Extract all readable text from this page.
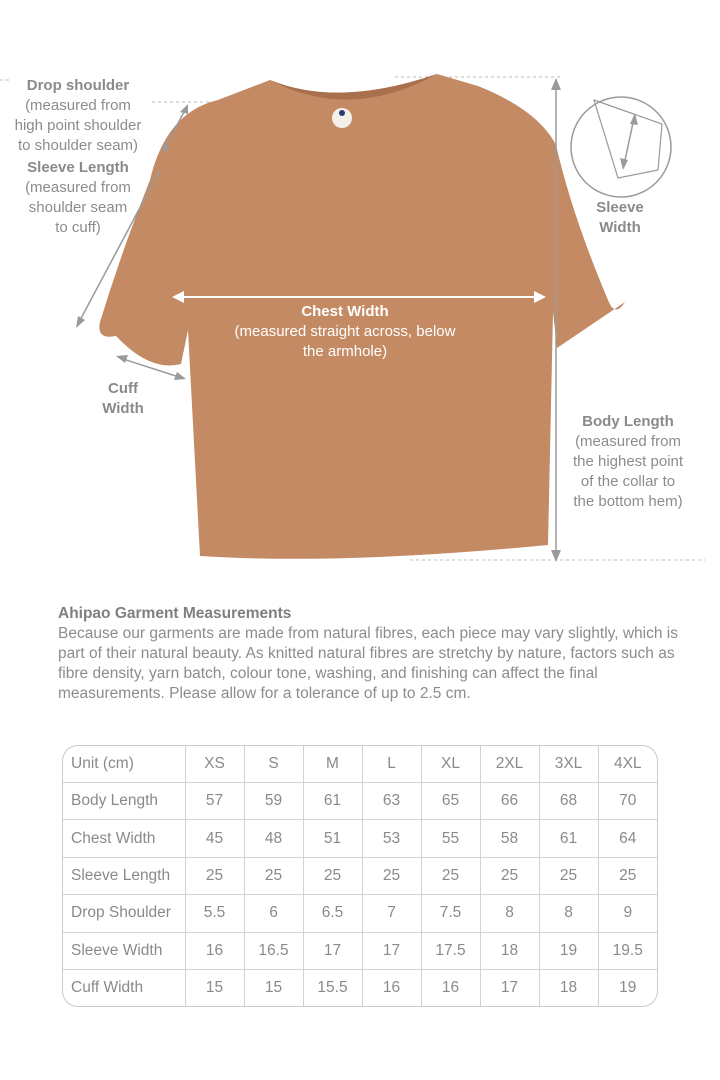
Drop shoulder
(measured from
high point shoulder
to shoulder seam)
Sleeve Length
(measured from
shoulder seam
to cuff)
Cuff
Width
Sleeve
Width
Chest Width
(measured straight across, below
the armhole)
Body Length
(measured from
the highest point
of the collar to
the bottom hem)
Ahipao Garment Measurements
Because our garments are made from natural fibres, each piece may vary slightly, which is part of their natural beauty. As knitted natural fibres are stretchy by nature, factors such as fibre density, yarn batch, colour tone, washing, and finishing can affect the final measurements. Please allow for a tolerance of up to 2.5 cm.
Unit (cm)	XS	S	M	L	XL	2XL	3XL	4XL
Body Length	57	59	61	63	65	66	68	70
Chest Width	45	48	51	53	55	58	61	64
Sleeve Length	25	25	25	25	25	25	25	25
Drop Shoulder	5.5	6	6.5	7	7.5	8	8	9
Sleeve Width	16	16.5	17	17	17.5	18	19	19.5
Cuff Width	15	15	15.5	16	16	17	18	19
